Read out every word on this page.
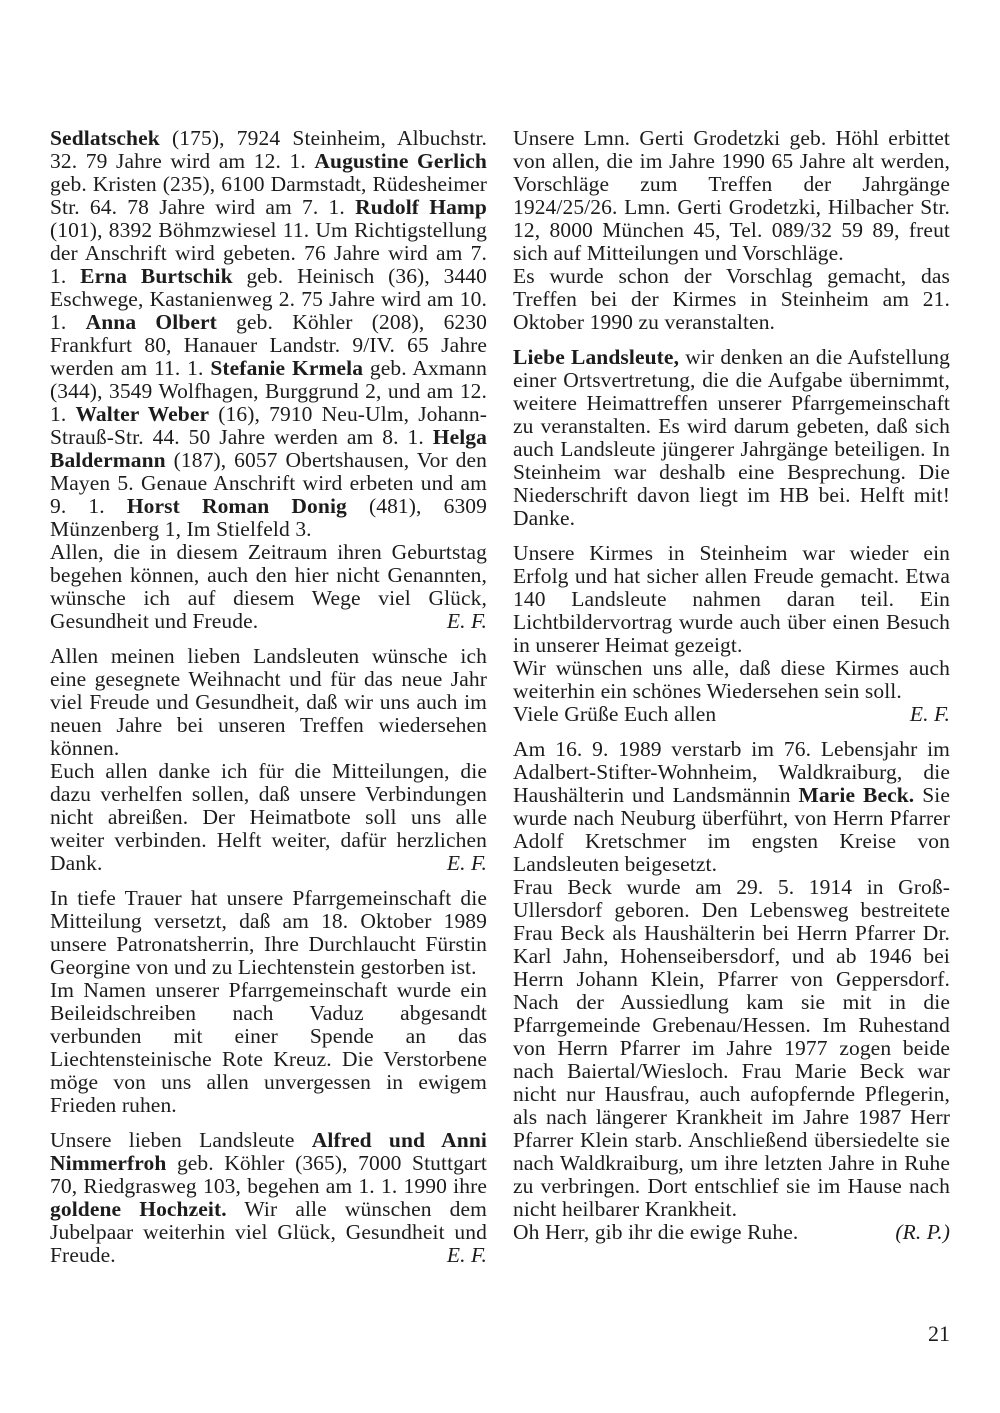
Sedlatschek (175), 7924 Steinheim, Albuchstr. 32. 79 Jahre wird am 12. 1. Augustine Gerlich geb. Kristen (235), 6100 Darmstadt, Rüdesheimer Str. 64. 78 Jahre wird am 7. 1. Rudolf Hamp (101), 8392 Böhmzwiesel 11. Um Richtigstellung der Anschrift wird gebeten. 76 Jahre wird am 7. 1. Erna Burtschik geb. Heinisch (36), 3440 Eschwege, Kastanienweg 2. 75 Jahre wird am 10. 1. Anna Olbert geb. Köhler (208), 6230 Frankfurt 80, Hanauer Landstr. 9/IV. 65 Jahre werden am 11. 1. Stefanie Krmela geb. Axmann (344), 3549 Wolfhagen, Burggrund 2, und am 12. 1. Walter Weber (16), 7910 Neu-Ulm, Johann-Strauß-Str. 44. 50 Jahre werden am 8. 1. Helga Baldermann (187), 6057 Obertshausen, Vor den Mayen 5. Genaue Anschrift wird erbeten und am 9. 1. Horst Roman Donig (481), 6309 Münzenberg 1, Im Stielfeld 3.

Allen, die in diesem Zeitraum ihren Geburtstag begehen können, auch den hier nicht Genannten, wünsche ich auf diesem Wege viel Glück, Gesundheit und Freude.	E. F.

Allen meinen lieben Landsleuten wünsche ich eine gesegnete Weihnacht und für das neue Jahr viel Freude und Gesundheit, daß wir uns auch im neuen Jahre bei unseren Treffen wiedersehen können.

Euch allen danke ich für die Mitteilungen, die dazu verhelfen sollen, daß unsere Verbindungen nicht abreißen. Der Heimatbote soll uns alle weiter verbinden. Helft weiter, dafür herzlichen Dank.	E. F.

In tiefe Trauer hat unsere Pfarrgemeinschaft die Mitteilung versetzt, daß am 18. Oktober 1989 unsere Patronatsherrin, Ihre Durchlaucht Fürstin Georgine von und zu Liechtenstein gestorben ist.

Im Namen unserer Pfarrgemeinschaft wurde ein Beileidschreiben nach Vaduz abgesandt verbunden mit einer Spende an das Liechtensteinische Rote Kreuz. Die Verstorbene möge von uns allen unvergessen in ewigem Frieden ruhen.

Unsere lieben Landsleute Alfred und Anni Nimmerfroh geb. Köhler (365), 7000 Stuttgart 70, Riedgrasweg 103, begehen am 1. 1. 1990 ihre goldene Hochzeit. Wir alle wünschen dem Jubelpaar weiterhin viel Glück, Gesundheit und Freude.	E. F.

Unsere Lmn. Gerti Grodetzki geb. Höhl erbittet von allen, die im Jahre 1990 65 Jahre alt werden, Vorschläge zum Treffen der Jahrgänge 1924/25/26. Lmn. Gerti Grodetzki, Hilbacher Str. 12, 8000 München 45, Tel. 089/32 59 89, freut sich auf Mitteilungen und Vorschläge.

Es wurde schon der Vorschlag gemacht, das Treffen bei der Kirmes in Steinheim am 21. Oktober 1990 zu veranstalten.

Liebe Landsleute, wir denken an die Aufstellung einer Ortsvertretung, die die Aufgabe übernimmt, weitere Heimattreffen unserer Pfarrgemeinschaft zu veranstalten. Es wird darum gebeten, daß sich auch Landsleute jüngerer Jahrgänge beteiligen. In Steinheim war deshalb eine Besprechung. Die Niederschrift davon liegt im HB bei. Helft mit! Danke.

Unsere Kirmes in Steinheim war wieder ein Erfolg und hat sicher allen Freude gemacht. Etwa 140 Landsleute nahmen daran teil. Ein Lichtbildervortrag wurde auch über einen Besuch in unserer Heimat gezeigt.

Wir wünschen uns alle, daß diese Kirmes auch weiterhin ein schönes Wiedersehen sein soll.

Viele Grüße Euch allen	E. F.

Am 16. 9. 1989 verstarb im 76. Lebensjahr im Adalbert-Stifter-Wohnheim, Waldkraiburg, die Haushälterin und Landsmännin Marie Beck. Sie wurde nach Neuburg überführt, von Herrn Pfarrer Adolf Kretschmer im engsten Kreise von Landsleuten beigesetzt.

Frau Beck wurde am 29. 5. 1914 in Groß-Ullersdorf geboren. Den Lebensweg bestreitete Frau Beck als Haushälterin bei Herrn Pfarrer Dr. Karl Jahn, Hohenseibersdorf, und ab 1946 bei Herrn Johann Klein, Pfarrer von Geppersdorf. Nach der Aussiedlung kam sie mit in die Pfarrgemeinde Grebenau/Hessen. Im Ruhestand von Herrn Pfarrer im Jahre 1977 zogen beide nach Baiertal/Wiesloch. Frau Marie Beck war nicht nur Hausfrau, auch aufopfernde Pflegerin, als nach längerer Krankheit im Jahre 1987 Herr Pfarrer Klein starb. Anschließend übersiedelte sie nach Waldkraiburg, um ihre letzten Jahre in Ruhe zu verbringen. Dort entschlief sie im Hause nach nicht heilbarer Krankheit.

Oh Herr, gib ihr die ewige Ruhe.	(R. P.)

21
